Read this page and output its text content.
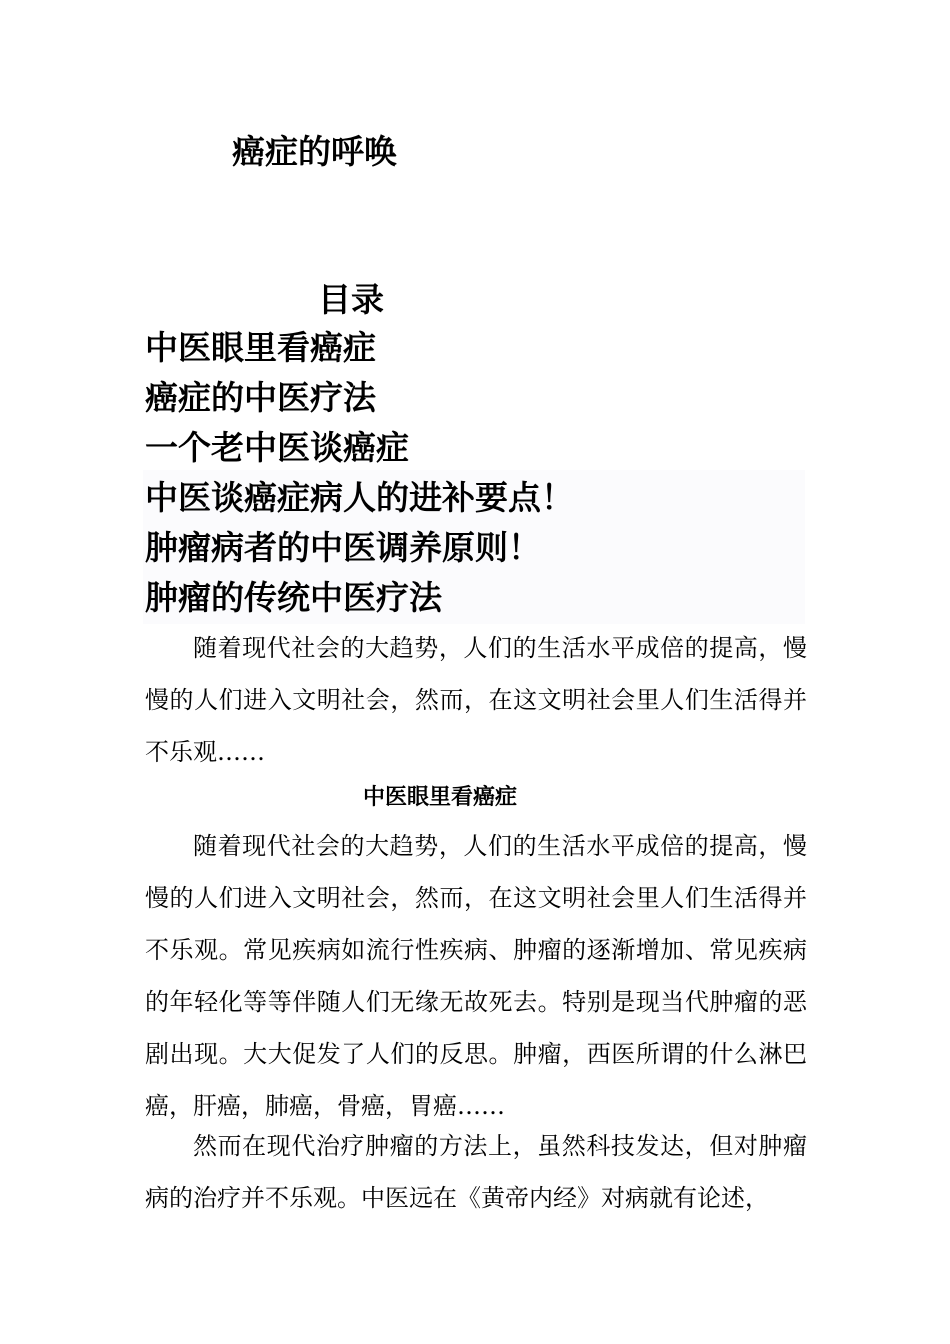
癌症的呼唤
目录
中医眼里看癌症
癌症的中医疗法
一个老中医谈癌症
中医谈癌症病人的进补要点！
肿瘤病者的中医调养原则！
肿瘤的传统中医疗法

随着现代社会的大趋势，人们的生活水平成倍的提高，慢慢的人们进入文明社会，然而，在这文明社会里人们生活得并不乐观……

中医眼里看癌症

随着现代社会的大趋势，人们的生活水平成倍的提高，慢慢的人们进入文明社会，然而，在这文明社会里人们生活得并不乐观。常见疾病如流行性疾病、肿瘤的逐渐增加、常见疾病的年轻化等等伴随人们无缘无故死去。特别是现当代肿瘤的恶剧出现。大大促发了人们的反思。肿瘤，西医所谓的什么淋巴癌，肝癌，肺癌，骨癌，胃癌……

然而在现代治疗肿瘤的方法上，虽然科技发达，但对肿瘤病的治疗并不乐观。中医远在《黄帝内经》对病就有论述，
